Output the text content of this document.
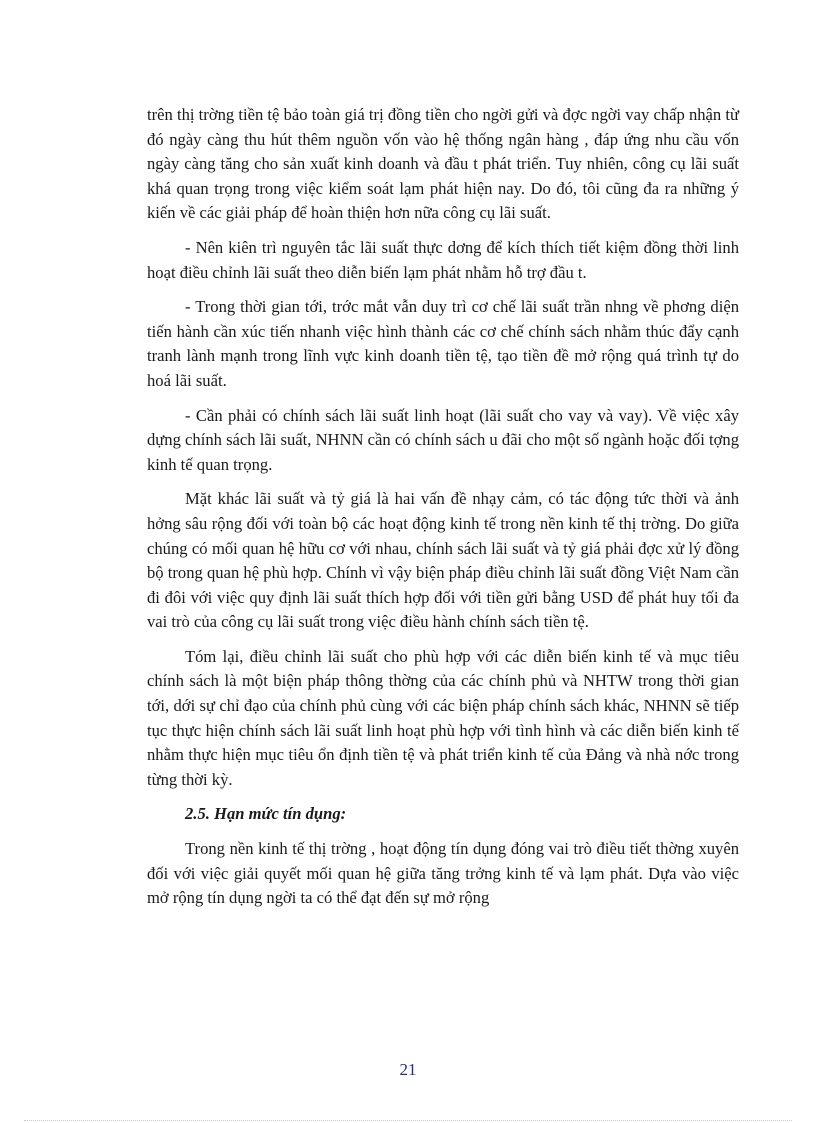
trên thị trờng tiền tệ bảo toàn giá trị đồng tiền cho ngời gửi và đợc ngời vay chấp nhận từ đó ngày càng thu hút thêm nguồn vốn vào hệ thống ngân hàng , đáp ứng nhu cầu vốn ngày càng tăng cho sản xuất kinh doanh và đầu t phát triển. Tuy nhiên, công cụ lãi suất khá quan trọng trong việc kiểm soát lạm phát hiện nay. Do đó, tôi cũng đa ra những ý kiến về các giải pháp để hoàn thiện hơn nữa công cụ lãi suất.

- Nên kiên trì nguyên tắc lãi suất thực dơng để kích thích tiết kiệm đồng thời linh hoạt điều chỉnh lãi suất theo diễn biến lạm phát nhằm hỗ trợ đầu t.

- Trong thời gian tới, trớc mắt vẫn duy trì cơ chế lãi suất trần nhng về phơng diện tiến hành cần xúc tiến nhanh việc hình thành các cơ chế chính sách nhằm thúc đẩy cạnh tranh lành mạnh trong lĩnh vực kinh doanh tiền tệ, tạo tiền đề mở rộng quá trình tự do hoá lãi suất.

- Cần phải có chính sách lãi suất linh hoạt (lãi suất cho vay và vay). Về việc xây dựng chính sách lãi suất, NHNN cần có chính sách u đãi cho một số ngành hoặc đối tợng kinh tế quan trọng.

Mặt khác lãi suất và tỷ giá là hai vấn đề nhạy cảm, có tác động tức thời và ảnh hởng sâu rộng đối với toàn bộ các hoạt động kinh tế trong nền kinh tế thị trờng. Do giữa chúng có mối quan hệ hữu cơ với nhau, chính sách lãi suất và tỷ giá phải đợc xử lý đồng bộ trong quan hệ phù hợp. Chính vì vậy biện pháp điều chỉnh lãi suất đồng Việt Nam cần đi đôi với việc quy định lãi suất thích hợp đối với tiền gửi bằng USD để phát huy tối đa vai trò của công cụ lãi suất trong việc điều hành chính sách tiền tệ.

Tóm lại, điều chỉnh lãi suất cho phù hợp với các diễn biến kinh tế và mục tiêu chính sách là một biện pháp thông thờng của các chính phủ và NHTW trong thời gian tới, dới sự chỉ đạo của chính phủ cùng với các biện pháp chính sách khác, NHNN sẽ tiếp tục thực hiện chính sách lãi suất linh hoạt phù hợp với tình hình và các diễn biến kinh tế nhằm thực hiện mục tiêu ổn định tiền tệ và phát triển kinh tế của Đảng và nhà nớc trong từng thời kỳ.

2.5. Hạn mức tín dụng:

Trong nền kinh tế thị trờng , hoạt động tín dụng đóng vai trò điều tiết thờng xuyên đối với việc giải quyết mối quan hệ giữa tăng trởng kinh tế và lạm phát. Dựa vào việc mở rộng tín dụng ngời ta có thể đạt đến sự mở rộng

21
